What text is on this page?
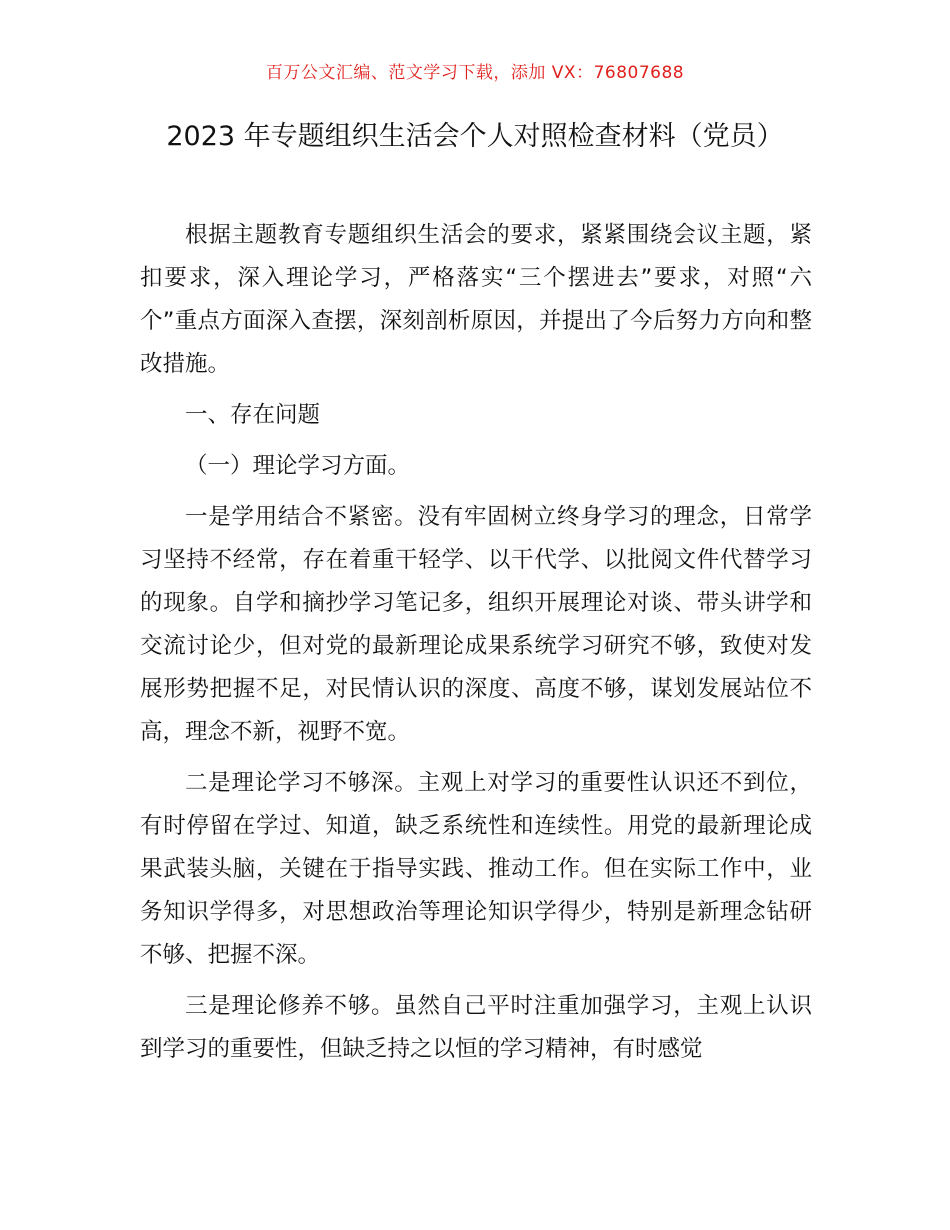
百万公文汇编、范文学习下载，添加 VX：76807688
2023 年专题组织生活会个人对照检查材料（党员）

根据主题教育专题组织生活会的要求，紧紧围绕会议主题，紧扣要求，深入理论学习，严格落实“三个摆进去”要求，对照“六个”重点方面深入查摆，深刻剖析原因，并提出了今后努力方向和整改措施。

一、存在问题

（一）理论学习方面。

一是学用结合不紧密。没有牢固树立终身学习的理念，日常学习坚持不经常，存在着重干轻学、以干代学、以批阅文件代替学习的现象。自学和摘抄学习笔记多，组织开展理论对谈、带头讲学和交流讨论少，但对党的最新理论成果系统学习研究不够，致使对发展形势把握不足，对民情认识的深度、高度不够，谋划发展站位不高，理念不新，视野不宽。

二是理论学习不够深。主观上对学习的重要性认识还不到位，有时停留在学过、知道，缺乏系统性和连续性。用党的最新理论成果武装头脑，关键在于指导实践、推动工作。但在实际工作中，业务知识学得多，对思想政治等理论知识学得少，特别是新理念钻研不够、把握不深。

三是理论修养不够。虽然自己平时注重加强学习，主观上认识到学习的重要性，但缺乏持之以恒的学习精神，有时感觉
